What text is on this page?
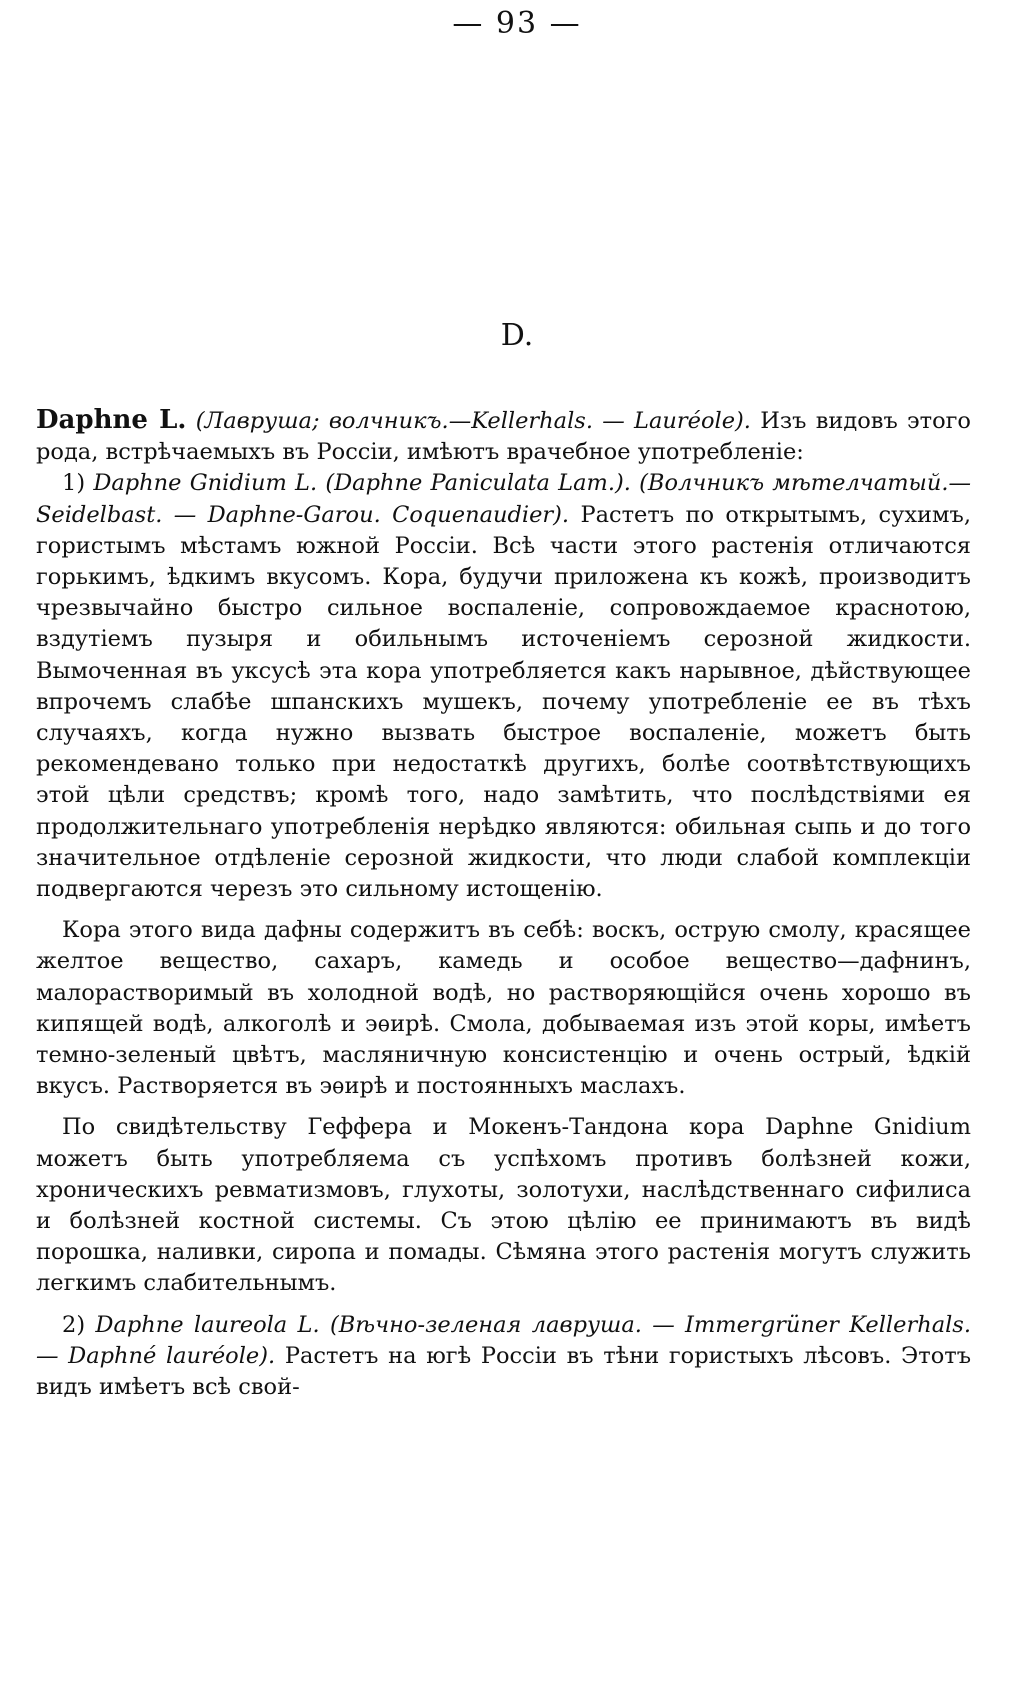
— 93 —
D.

Daphne L. (Лавруша; волчникъ.—Kellerhals. — Lauréole). Изъ видовъ этого рода, встрѣчаемыхъ въ Россіи, имѣютъ врачебное употребленіе:

1) Daphne Gnidium L. (Daphne Paniculata Lam.). (Волчникъ мѣтелчатый.—Seidelbast. — Daphne-Garou. Coquenaudier). Растетъ по открытымъ, сухимъ, гористымъ мѣстамъ южной Россіи. Всѣ части этого растенія отличаются горькимъ, ѣдкимъ вкусомъ. Кора, будучи приложена къ кожѣ, производитъ чрезвычайно быстро сильное воспаленіе, сопровождаемое краснотою, вздутіемъ пузыря и обильнымъ источеніемъ серозной жидкости. Вымоченная въ уксусѣ эта кора употребляется какъ нарывное, дѣйствующее впрочемъ слабѣе шпанскихъ мушекъ, почему употребленіе ее въ тѣхъ случаяхъ, когда нужно вызвать быстрое воспаленіе, можетъ быть рекомендевано только при недостаткѣ другихъ, болѣе соотвѣтствующихъ этой цѣли средствъ; кромѣ того, надо замѣтить, что послѣдствіями ея продолжительнаго употребленія нерѣдко являются: обильная сыпь и до того значительное отдѣленіе серозной жидкости, что люди слабой комплекціи подвергаются черезъ это сильному истощенію.

Кора этого вида дафны содержитъ въ себѣ: воскъ, острую смолу, красящее желтое вещество, сахаръ, камедь и особое вещество—дафнинъ, малорастворимый въ холодной водѣ, но растворяющійся очень хорошо въ кипящей водѣ, алкоголѣ и эѳирѣ. Смола, добываемая изъ этой коры, имѣетъ темно-зеленый цвѣтъ, масляничную консистенцію и очень острый, ѣдкій вкусъ. Растворяется въ эѳирѣ и постоянныхъ маслахъ.

По свидѣтельству Геффера и Мокенъ-Тандона кора Daphne Gnidium можетъ быть употребляема съ успѣхомъ противъ болѣзней кожи, хроническихъ ревматизмовъ, глухоты, золотухи, наслѣдственнаго сифилиса и болѣзней костной системы. Съ этою цѣлію ее принимаютъ въ видѣ порошка, наливки, сиропа и помады. Сѣмяна этого растенія могутъ служить легкимъ слабительнымъ.

2) Daphne laureola L. (Вѣчно-зеленая лавруша. — Immergrüner Kellerhals. — Daphné lauréole). Растетъ на югѣ Россіи въ тѣни гористыхъ лѣсовъ. Этотъ видъ имѣетъ всѣ свой-
